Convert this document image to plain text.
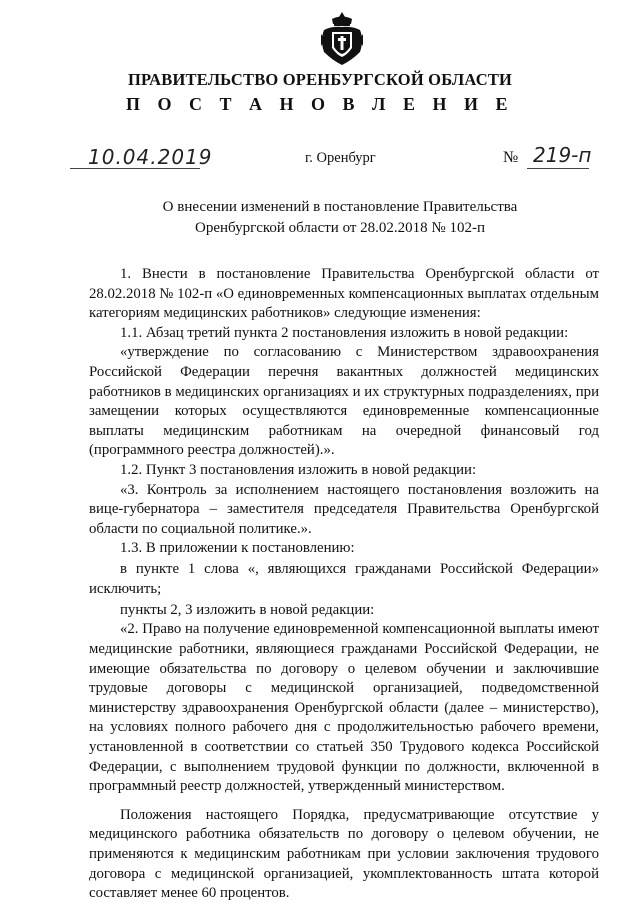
ПРАВИТЕЛЬСТВО ОРЕНБУРГСКОЙ ОБЛАСТИ
П О С Т А Н О В Л Е Н И Е
10.04.2019	г. Оренбург	№ 219-п
О внесении изменений в постановление Правительства
Оренбургской области от 28.02.2018 № 102-п

1. Внести в постановление Правительства Оренбургской области от 28.02.2018 № 102-п «О единовременных компенсационных выплатах отдельным категориям медицинских работников» следующие изменения:

1.1. Абзац третий пункта 2 постановления изложить в новой редакции:

«утверждение по согласованию с Министерством здравоохранения Российской Федерации перечня вакантных должностей медицинских работников в медицинских организациях и их структурных подразделениях, при замещении которых осуществляются единовременные компенсационные выплаты медицинским работникам на очередной финансовый год (программного реестра должностей).».

1.2. Пункт 3 постановления изложить в новой редакции:

«3. Контроль за исполнением настоящего постановления возложить на вице-губернатора – заместителя председателя Правительства Оренбургской области по социальной политике.».

1.3. В приложении к постановлению:

в пункте 1 слова «, являющихся гражданами Российской Федерации» исключить;

пункты 2, 3 изложить в новой редакции:

«2. Право на получение единовременной компенсационной выплаты имеют медицинские работники, являющиеся гражданами Российской Федерации, не имеющие обязательства по договору о целевом обучении и заключившие трудовые договоры с медицинской организацией, подведомственной министерству здравоохранения Оренбургской области (далее – министерство), на условиях полного рабочего дня с продолжительностью рабочего времени, установленной в соответствии со статьей 350 Трудового кодекса Российской Федерации, с выполнением трудовой функции по должности, включенной в программный реестр должностей, утвержденный министерством.

Положения настоящего Порядка, предусматривающие отсутствие у медицинского работника обязательств по договору о целевом обучении, не применяются к медицинским работникам при условии заключения трудового договора с медицинской организацией, укомплектованность штата которой составляет менее 60 процентов.
